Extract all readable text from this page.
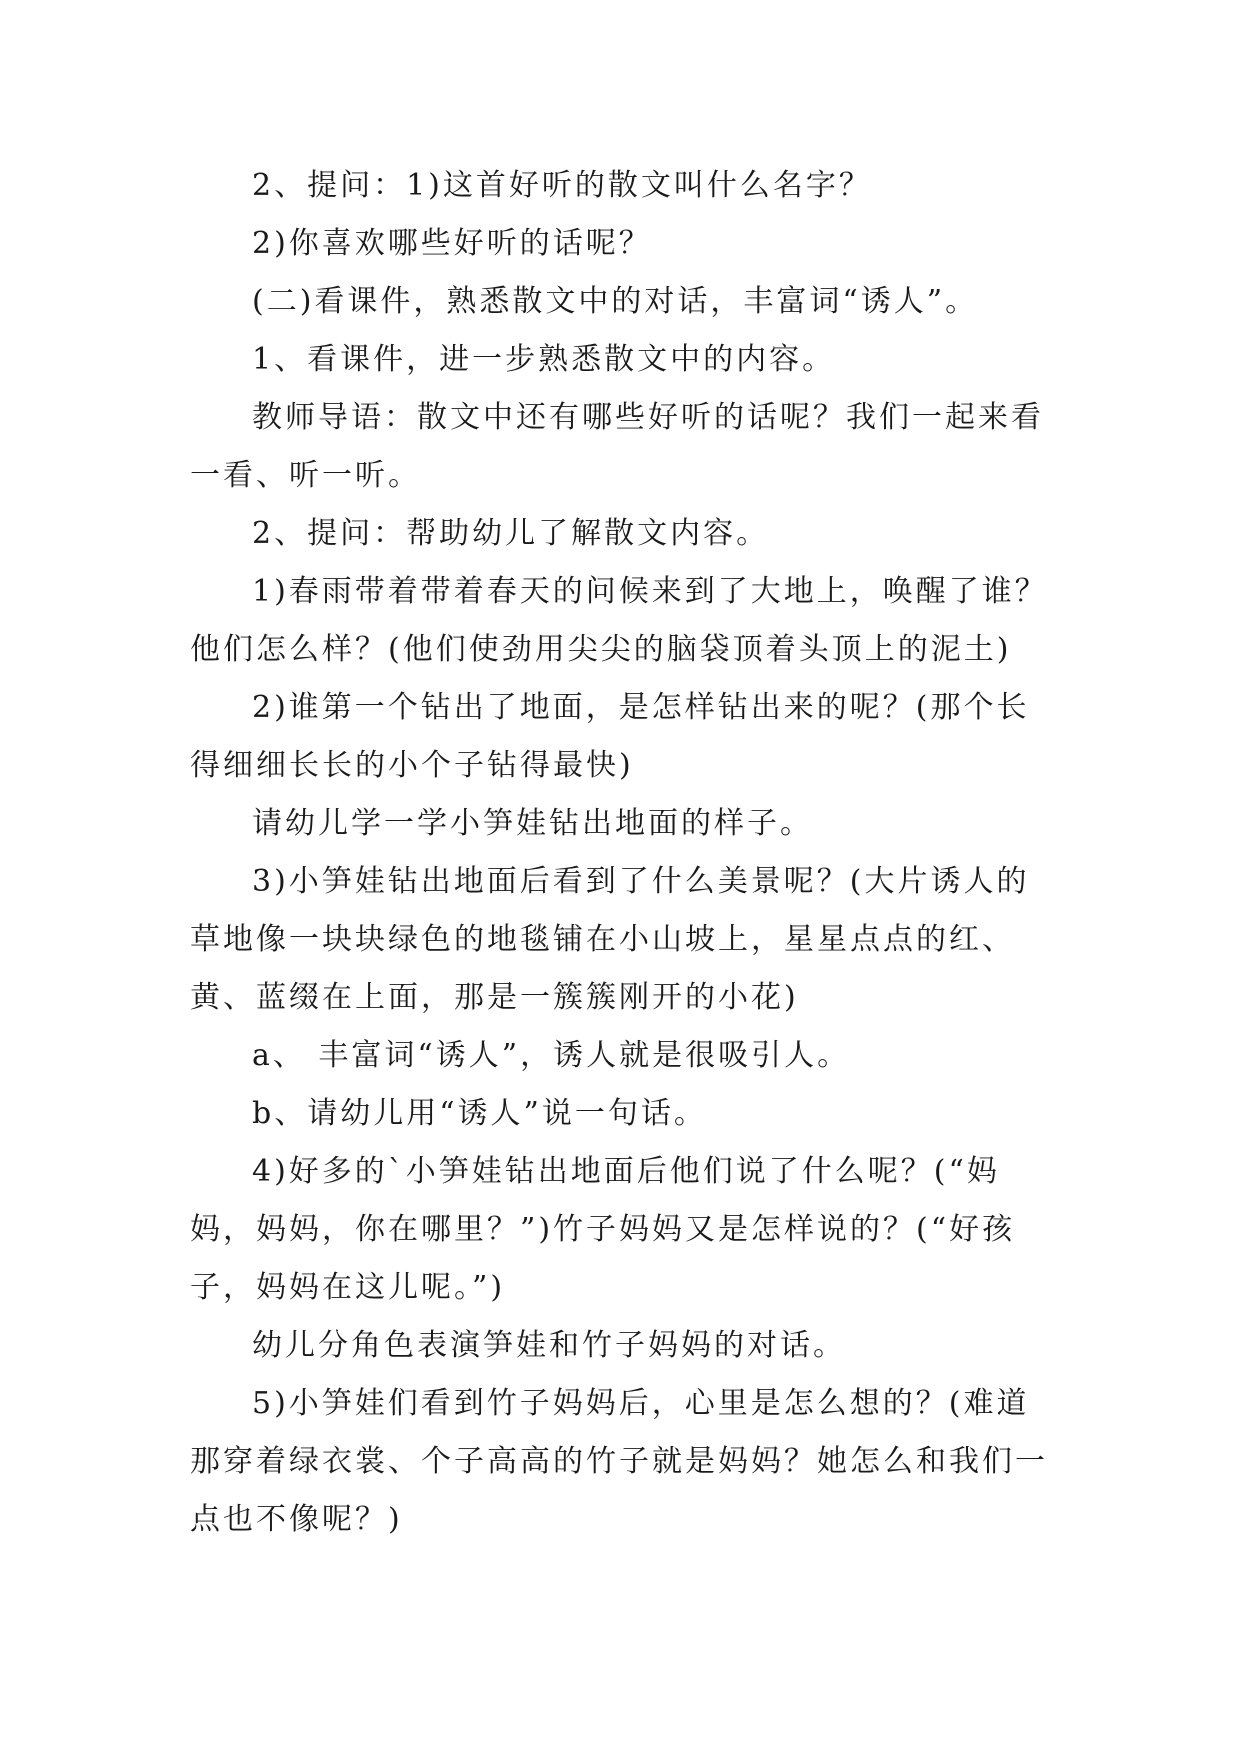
2、提问：1)这首好听的散文叫什么名字？

2)你喜欢哪些好听的话呢？

(二)看课件，熟悉散文中的对话，丰富词“诱人”。

1、看课件，进一步熟悉散文中的内容。

教师导语：散文中还有哪些好听的话呢？我们一起来看一看、听一听。

2、提问：帮助幼儿了解散文内容。

1)春雨带着带着春天的问候来到了大地上，唤醒了谁？他们怎么样？(他们使劲用尖尖的脑袋顶着头顶上的泥土)

2)谁第一个钻出了地面，是怎样钻出来的呢？(那个长得细细长长的小个子钻得最快)

请幼儿学一学小笋娃钻出地面的样子。

3)小笋娃钻出地面后看到了什么美景呢？(大片诱人的草地像一块块绿色的地毯铺在小山坡上，星星点点的红、黄、蓝缀在上面，那是一簇簇刚开的小花)

a、 丰富词“诱人”，诱人就是很吸引人。

b、请幼儿用“诱人”说一句话。

4)好多的`小笋娃钻出地面后他们说了什么呢？(“妈妈，妈妈，你在哪里？”)竹子妈妈又是怎样说的？(“好孩子，妈妈在这儿呢。”)

幼儿分角色表演笋娃和竹子妈妈的对话。

5)小笋娃们看到竹子妈妈后，心里是怎么想的？(难道那穿着绿衣裳、个子高高的竹子就是妈妈？她怎么和我们一点也不像呢？)
